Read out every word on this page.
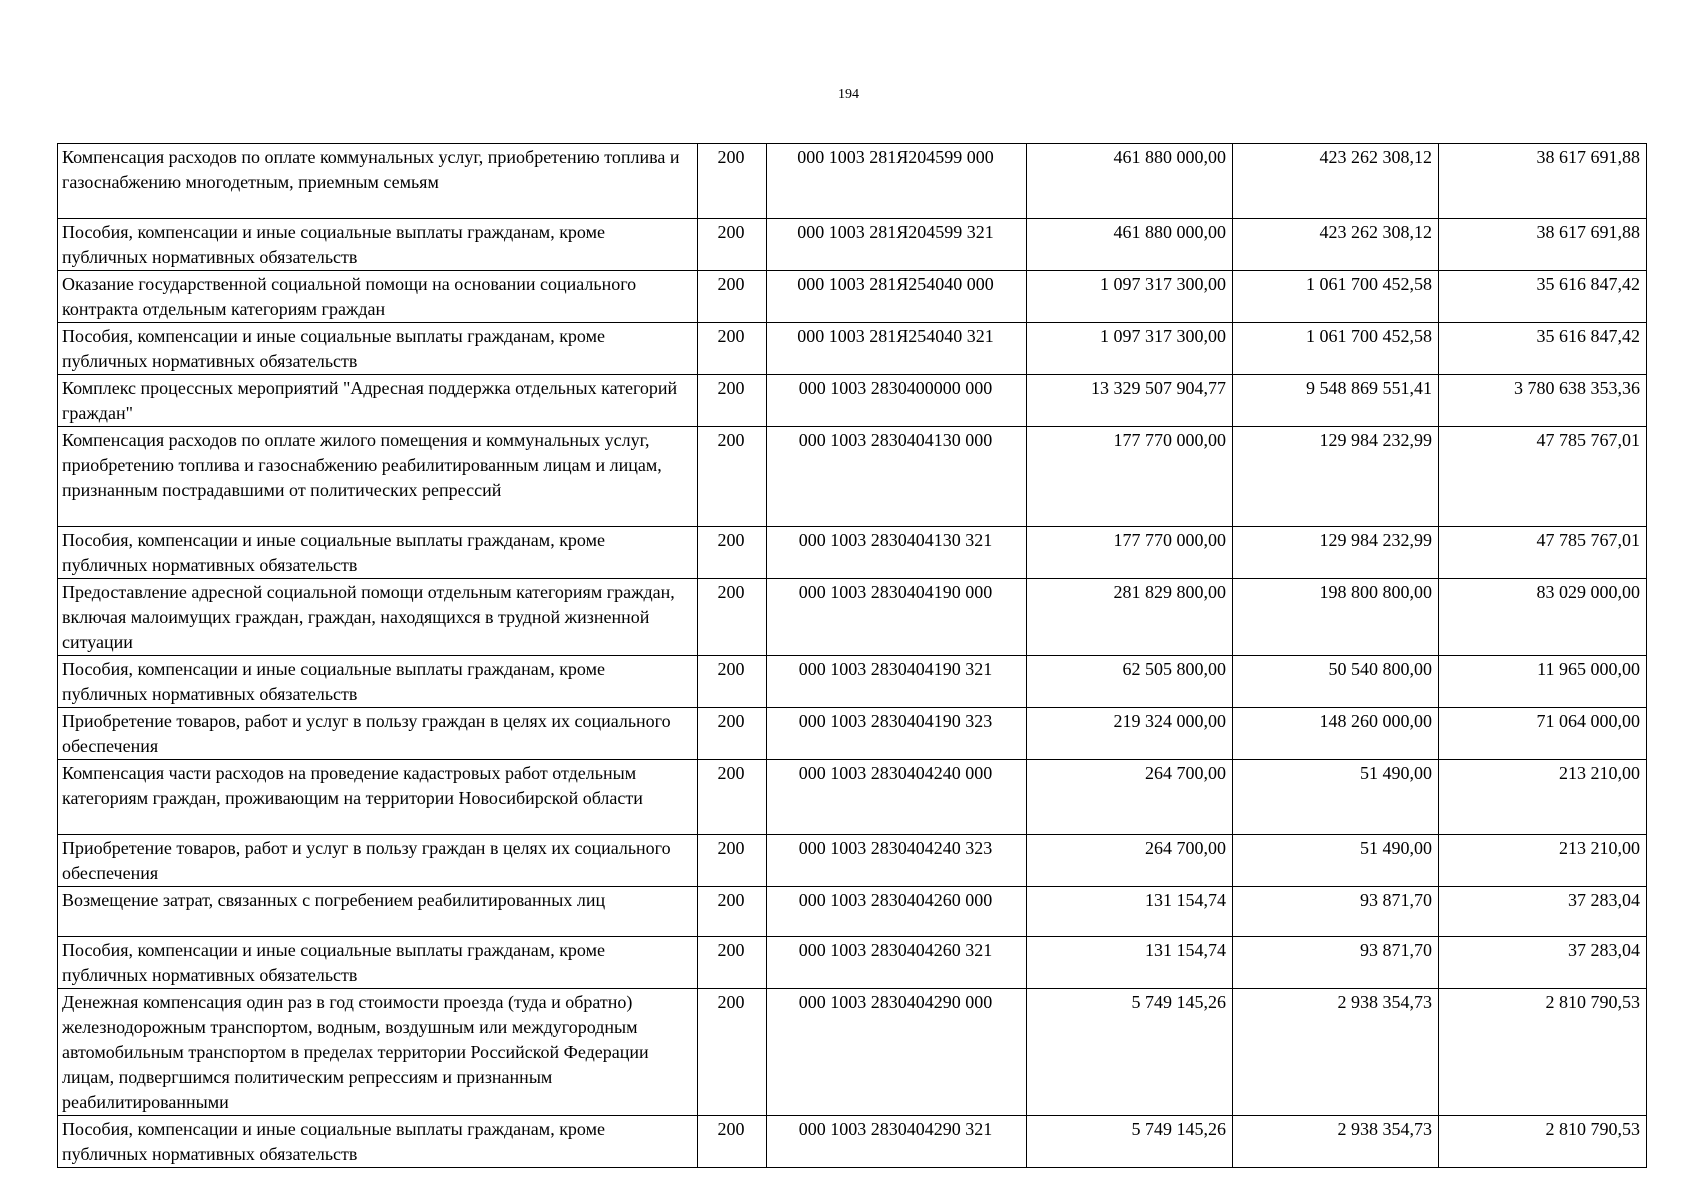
194
Компенсация расходов по оплате коммунальных услуг, приобретению топлива и газоснабжению многодетным, приемным семьям	200	000 1003 281Я204599 000	461 880 000,00	423 262 308,12	38 617 691,88
Пособия, компенсации и иные социальные выплаты гражданам, кроме публичных нормативных обязательств	200	000 1003 281Я204599 321	461 880 000,00	423 262 308,12	38 617 691,88
Оказание государственной социальной помощи на основании социального контракта отдельным категориям граждан	200	000 1003 281Я254040 000	1 097 317 300,00	1 061 700 452,58	35 616 847,42
Пособия, компенсации и иные социальные выплаты гражданам, кроме публичных нормативных обязательств	200	000 1003 281Я254040 321	1 097 317 300,00	1 061 700 452,58	35 616 847,42
Комплекс процессных мероприятий "Адресная поддержка отдельных категорий граждан"	200	000 1003 2830400000 000	13 329 507 904,77	9 548 869 551,41	3 780 638 353,36
Компенсация расходов по оплате жилого помещения и коммунальных услуг, приобретению топлива и газоснабжению реабилитированным лицам и лицам, признанным пострадавшими от политических репрессий	200	000 1003 2830404130 000	177 770 000,00	129 984 232,99	47 785 767,01
Пособия, компенсации и иные социальные выплаты гражданам, кроме публичных нормативных обязательств	200	000 1003 2830404130 321	177 770 000,00	129 984 232,99	47 785 767,01
Предоставление адресной социальной помощи отдельным категориям граждан, включая малоимущих граждан, граждан, находящихся в трудной жизненной ситуации	200	000 1003 2830404190 000	281 829 800,00	198 800 800,00	83 029 000,00
Пособия, компенсации и иные социальные выплаты гражданам, кроме публичных нормативных обязательств	200	000 1003 2830404190 321	62 505 800,00	50 540 800,00	11 965 000,00
Приобретение товаров, работ и услуг в пользу граждан в целях их социального обеспечения	200	000 1003 2830404190 323	219 324 000,00	148 260 000,00	71 064 000,00
Компенсация части расходов на проведение кадастровых работ отдельным категориям граждан, проживающим на территории Новосибирской области	200	000 1003 2830404240 000	264 700,00	51 490,00	213 210,00
Приобретение товаров, работ и услуг в пользу граждан в целях их социального обеспечения	200	000 1003 2830404240 323	264 700,00	51 490,00	213 210,00
Возмещение затрат, связанных с погребением реабилитированных лиц	200	000 1003 2830404260 000	131 154,74	93 871,70	37 283,04
Пособия, компенсации и иные социальные выплаты гражданам, кроме публичных нормативных обязательств	200	000 1003 2830404260 321	131 154,74	93 871,70	37 283,04
Денежная компенсация один раз в год стоимости проезда (туда и обратно) железнодорожным транспортом, водным, воздушным или междугородным автомобильным транспортом в пределах территории Российской Федерации лицам, подвергшимся политическим репрессиям и признанным реабилитированными	200	000 1003 2830404290 000	5 749 145,26	2 938 354,73	2 810 790,53
Пособия, компенсации и иные социальные выплаты гражданам, кроме публичных нормативных обязательств	200	000 1003 2830404290 321	5 749 145,26	2 938 354,73	2 810 790,53
